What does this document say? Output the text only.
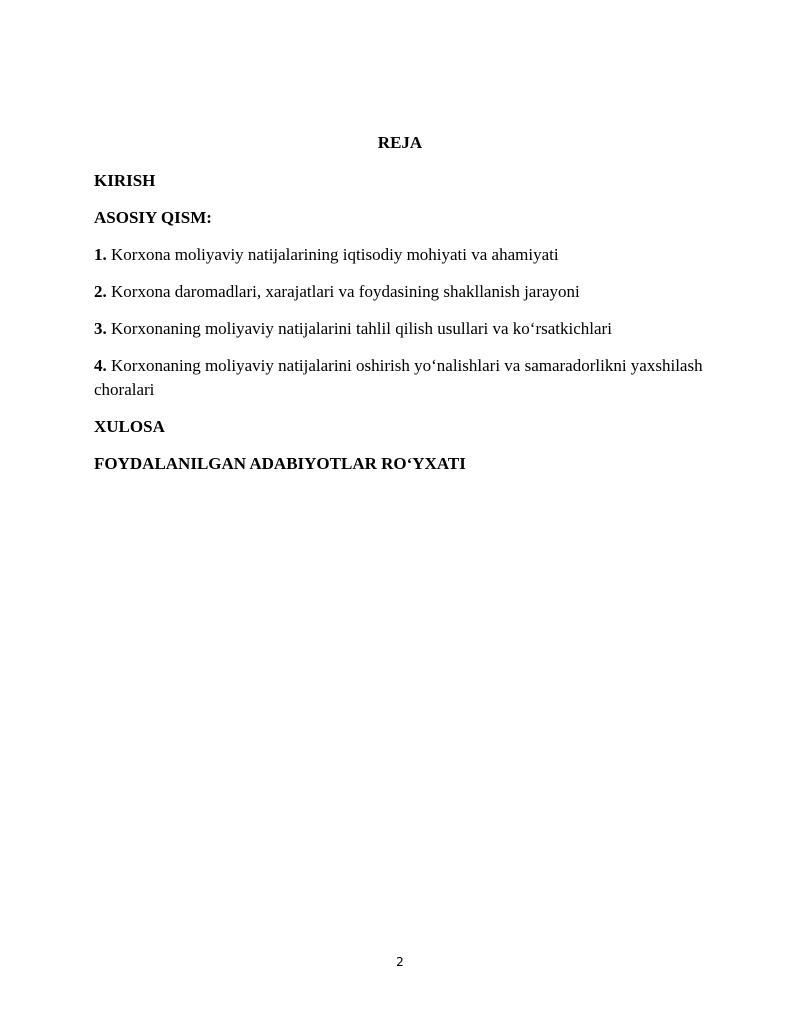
REJA
KIRISH
ASOSIY QISM:
1. Korxona moliyaviy natijalarining iqtisodiy mohiyati va ahamiyati
2. Korxona daromadlari, xarajatlari va foydasining shakllanish jarayoni
3. Korxonaning moliyaviy natijalarini tahlil qilish usullari va ko‘rsatkichlari
4. Korxonaning moliyaviy natijalarini oshirish yo‘nalishlari va samaradorlikni yaxshilash choralari
XULOSA
FOYDALANILGAN ADABIYOTLAR RO‘YXATI
2
